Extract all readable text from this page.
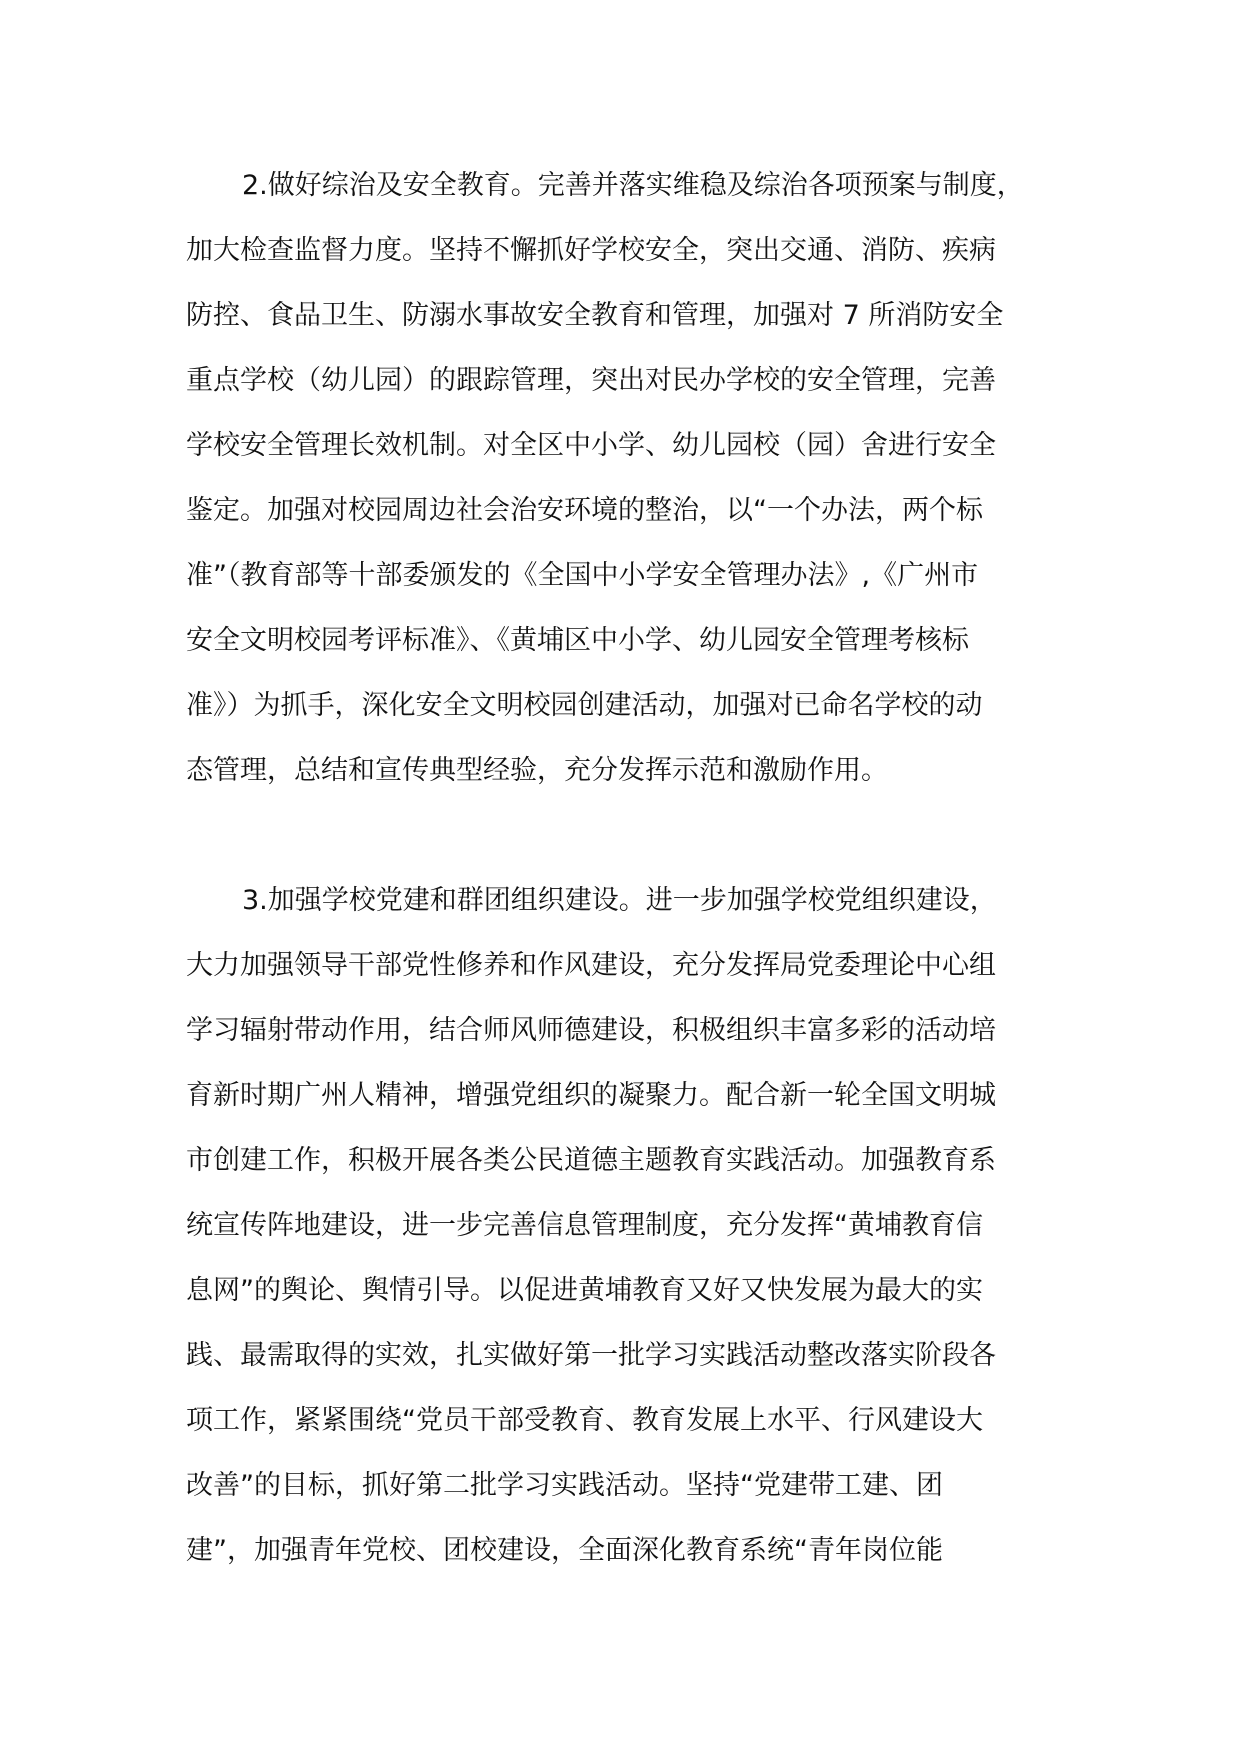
2.做好综治及安全教育。完善并落实维稳及综治各项预案与制度，
加大检查监督力度。坚持不懈抓好学校安全，突出交通、消防、疾病
防控、食品卫生、防溺水事故安全教育和管理，加强对 7 所消防安全
重点学校（幼儿园）的跟踪管理，突出对民办学校的安全管理，完善
学校安全管理长效机制。对全区中小学、幼儿园校（园）舍进行安全
鉴定。加强对校园周边社会治安环境的整治，以“一个办法，两个标
准”（教育部等十部委颁发的《全国中小学安全管理办法》,《广州市
安全文明校园考评标准》、《黄埔区中小学、幼儿园安全管理考核标
准》）为抓手，深化安全文明校园创建活动，加强对已命名学校的动
态管理，总结和宣传典型经验，充分发挥示范和激励作用。
3.加强学校党建和群团组织建设。进一步加强学校党组织建设，
大力加强领导干部党性修养和作风建设，充分发挥局党委理论中心组
学习辐射带动作用，结合师风师德建设，积极组织丰富多彩的活动培
育新时期广州人精神，增强党组织的凝聚力。配合新一轮全国文明城
市创建工作，积极开展各类公民道德主题教育实践活动。加强教育系
统宣传阵地建设，进一步完善信息管理制度，充分发挥“黄埔教育信
息网”的舆论、舆情引导。以促进黄埔教育又好又快发展为最大的实
践、最需取得的实效，扎实做好第一批学习实践活动整改落实阶段各
项工作，紧紧围绕“党员干部受教育、教育发展上水平、行风建设大
改善”的目标，抓好第二批学习实践活动。坚持“党建带工建、团
建”，加强青年党校、团校建设，全面深化教育系统“青年岗位能
